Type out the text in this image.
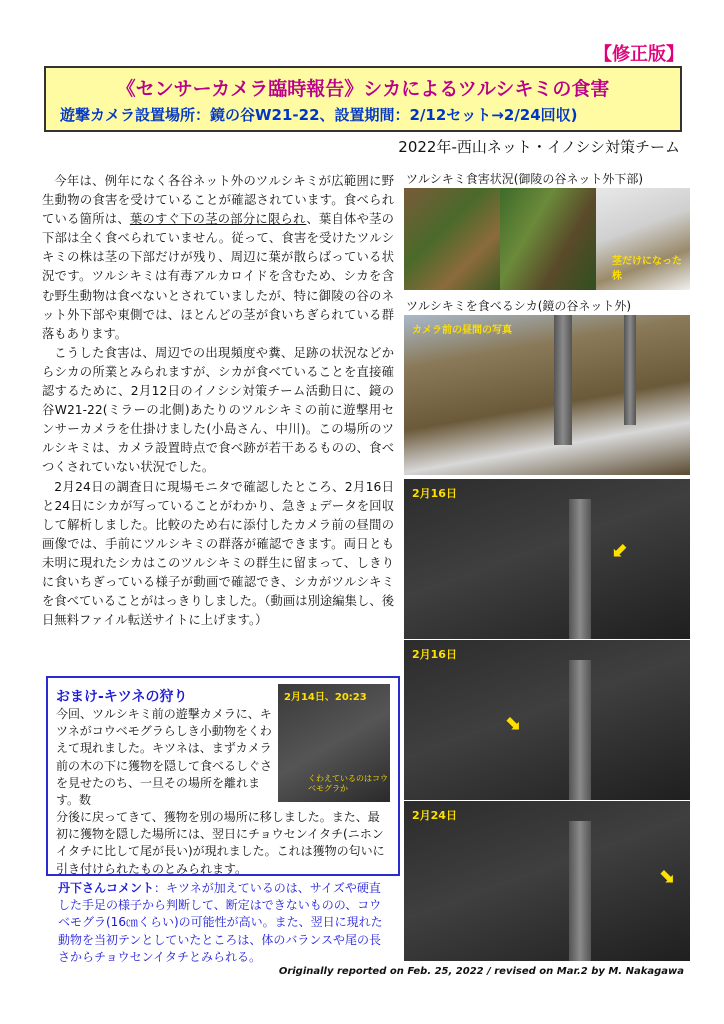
【修正版】
《センサーカメラ臨時報告》シカによるツルシキミの食害
遊撃カメラ設置場所：鏡の谷W21-22、設置期間：2/12セット→2/24回収)
2022年-西山ネット・イノシシ対策チーム

今年は、例年になく各谷ネット外のツルシキミが広範囲に野生動物の食害を受けていることが確認されています。食べられている箇所は、葉のすぐ下の茎の部分に限られ、葉自体や茎の下部は全く食べられていません。従って、食害を受けたツルシキミの株は茎の下部だけが残り、周辺に葉が散らばっている状況です。ツルシキミは有毒アルカロイドを含むため、シカを含む野生動物は食べないとされていましたが、特に御陵の谷のネット外下部や東側では、ほとんどの茎が食いちぎられている群落もあります。

こうした食害は、周辺での出現頻度や糞、足跡の状況などからシカの所業とみられますが、シカが食べていることを直接確認するために、2月12日のイノシシ対策チーム活動日に、鏡の谷W21-22(ミラーの北側)あたりのツルシキミの前に遊撃用センサーカメラを仕掛けました(小島さん、中川)。この場所のツルシキミは、カメラ設置時点で食べ跡が若干あるものの、食べつくされていない状況でした。

2月24日の調査日に現場モニタで確認したところ、2月16日と24日にシカが写っていることがわかり、急きょデータを回収して解析しました。比較のため右に添付したカメラ前の昼間の画像では、手前にツルシキミの群落が確認できます。両日とも未明に現れたシカはこのツルシキミの群生に留まって、しきりに食いちぎっている様子が動画で確認でき、シカがツルシキミを食べていることがはっきりしました。（動画は別途編集し、後日無料ファイル転送サイトに上げます。）

ツルシキミ食害状況(御陵の谷ネット外下部)
茎だけになった株
ツルシキミを食べるシカ(鏡の谷ネット外)
カメラ前の昼間の写真
2月16日
⬋
2月16日
⬊
2月24日
⬊
おまけ-キツネの狩り
今回、ツルシキミ前の遊撃カメラに、キツネがコウベモグラらしき小動物をくわえて現れました。キツネは、まずカメラ前の木の下に獲物を隠して食べるしぐさを見せたのち、一旦その場所を離れます。数
2月14日、20:23
くわえているのはコウベモグラか
分後に戻ってきて、獲物を別の場所に移しました。また、最初に獲物を隠した場所には、翌日にチョウセンイタチ(ニホンイタチに比して尾が長い)が現れました。これは獲物の匂いに引き付けられたものとみられます。
丹下さんコメント：キツネが加えているのは、サイズや硬直した手足の様子から判断して、断定はできないものの、コウベモグラ(16㎝くらい)の可能性が高い。また、翌日に現れた動物を当初テンとしていたところは、体のバランスや尾の長さからチョウセンイタチとみられる。
Originally reported on Feb. 25, 2022 / revised on Mar.2 by M. Nakagawa
